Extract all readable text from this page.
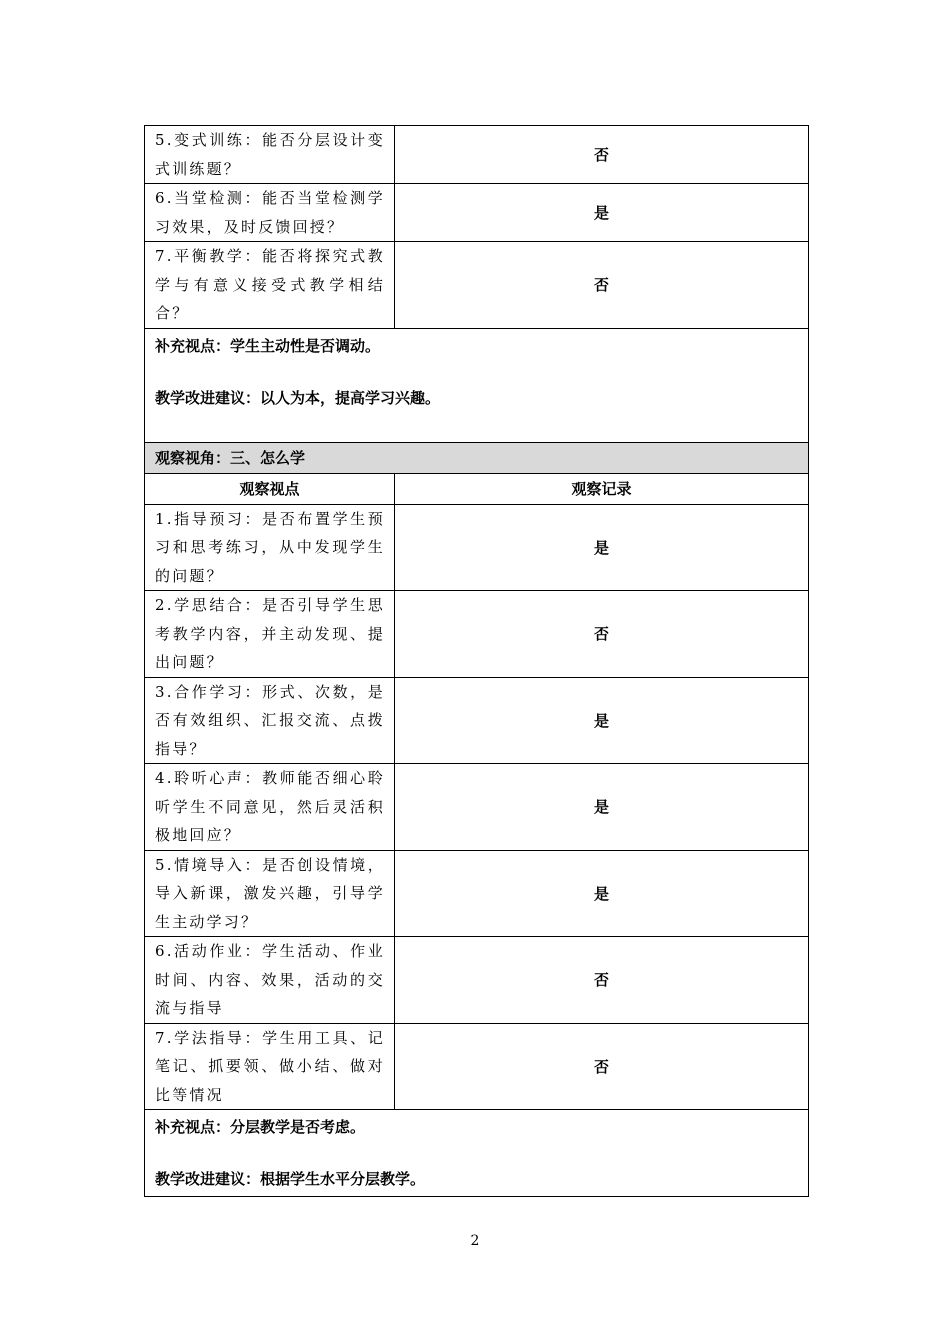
5.变式训练：能否分层设计变式训练题？	否
6.当堂检测：能否当堂检测学习效果，及时反馈回授？	是
7.平衡教学：能否将探究式教学与有意义接受式教学相结合？	否

补充视点：学生主动性是否调动。
教学改进建议：以人为本，提高学习兴趣。	

观察视角：三、怎么学	
观察视点	观察记录
1.指导预习：是否布置学生预习和思考练习，从中发现学生的问题？	是
2.学思结合：是否引导学生思考教学内容，并主动发现、提出问题？	否
3.合作学习：形式、次数，是否有效组织、汇报交流、点拨指导？	是
4.聆听心声：教师能否细心聆听学生不同意见，然后灵活积极地回应？	是
5.情境导入：是否创设情境，导入新课，激发兴趣，引导学生主动学习？	是
6.活动作业：学生活动、作业时间、内容、效果，活动的交流与指导	否
7.学法指导：学生用工具、记笔记、抓要领、做小结、做对比等情况	否

补充视点：分层教学是否考虑。
教学改进建议：根据学生水平分层教学。	
2
